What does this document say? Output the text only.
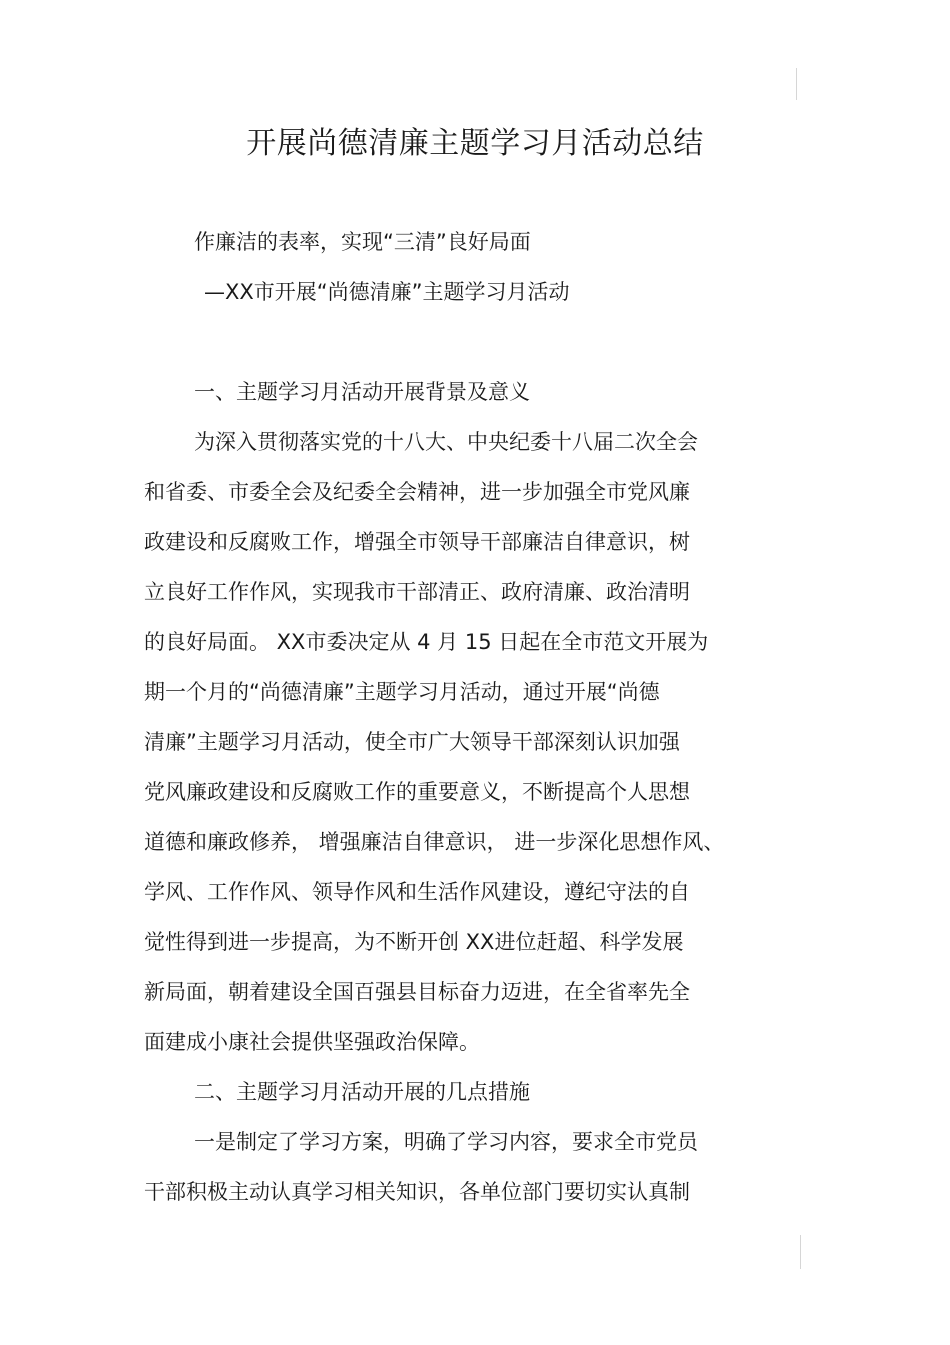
开展尚德清廉主题学习月活动总结
作廉洁的表率，实现“三清”良好局面
—XX市开展“尚德清廉”主题学习月活动
一、主题学习月活动开展背景及意义
为深入贯彻落实党的十八大、中央纪委十八届二次全会
和省委、市委全会及纪委全会精神，进一步加强全市党风廉
政建设和反腐败工作，增强全市领导干部廉洁自律意识，树
立良好工作作风，实现我市干部清正、政府清廉、政治清明
的良好局面。 XX市委决定从 4 月 15 日起在全市范文开展为
期一个月的“尚德清廉”主题学习月活动，通过开展“尚德
清廉”主题学习月活动，使全市广大领导干部深刻认识加强
党风廉政建设和反腐败工作的重要意义，不断提高个人思想
道德和廉政修养， 增强廉洁自律意识， 进一步深化思想作风、
学风、工作作风、领导作风和生活作风建设，遵纪守法的自
觉性得到进一步提高，为不断开创 XX进位赶超、科学发展
新局面，朝着建设全国百强县目标奋力迈进，在全省率先全
面建成小康社会提供坚强政治保障。
二、主题学习月活动开展的几点措施
一是制定了学习方案，明确了学习内容，要求全市党员
干部积极主动认真学习相关知识，各单位部门要切实认真制
